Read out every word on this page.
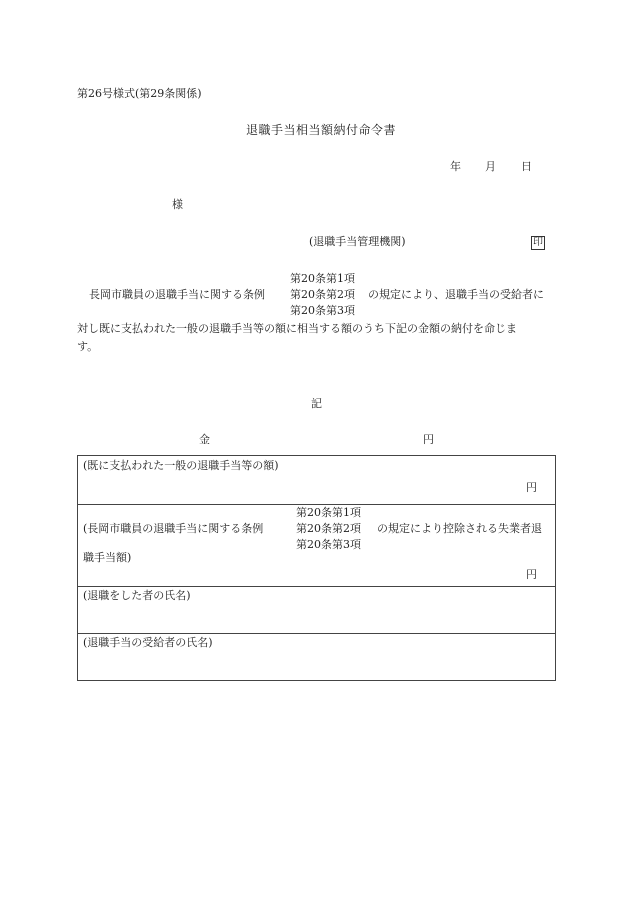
第26号様式(第29条関係)
退職手当相当額納付命令書
年 月 日
様
(退職手当管理機関)	印
第20条第1項
長岡市職員の退職手当に関する条例 第20条第2項 の規定により、退職手当の受給者に
第20条第3項
対し既に支払われた一般の退職手当等の額に相当する額のうち下記の金額の納付を命じま
す。
記
金	円
(既に支払われた一般の退職手当等の額)
円
第20条第1項
(長岡市職員の退職手当に関する条例	第20条第2項 の規定により控除される失業者退
第20条第3項
職手当額)
円
(退職をした者の氏名)
(退職手当の受給者の氏名)
